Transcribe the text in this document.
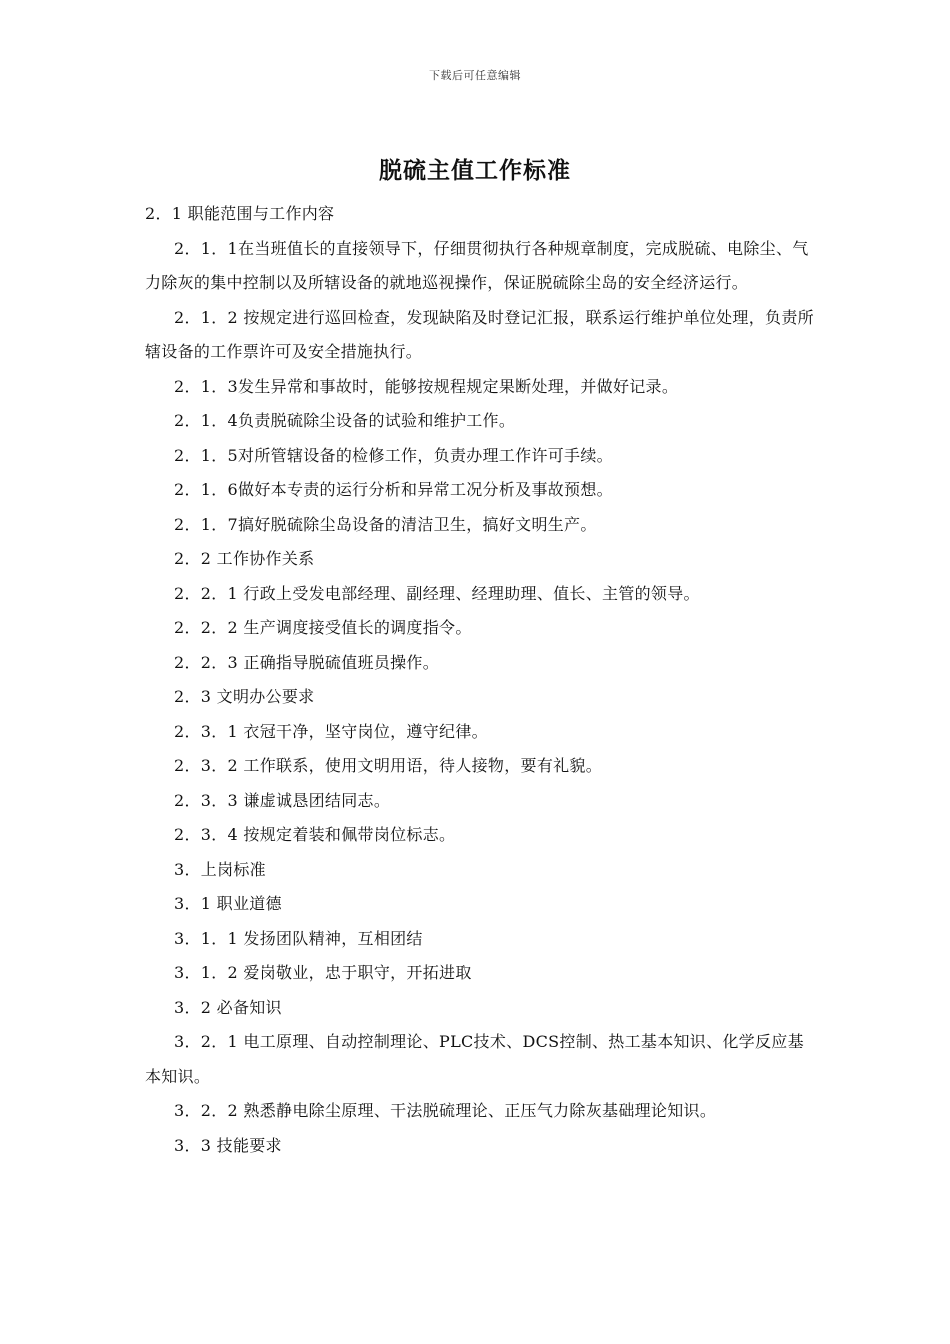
下载后可任意编辑
脱硫主值工作标准

2．1 职能范围与工作内容

2．1．1在当班值长的直接领导下，仔细贯彻执行各种规章制度，完成脱硫、电除尘、气力除灰的集中控制以及所辖设备的就地巡视操作，保证脱硫除尘岛的安全经济运行。

2．1．2 按规定进行巡回检查，发现缺陷及时登记汇报，联系运行维护单位处理，负责所辖设备的工作票许可及安全措施执行。

2．1．3发生异常和事故时，能够按规程规定果断处理，并做好记录。

2．1．4负责脱硫除尘设备的试验和维护工作。

2．1．5对所管辖设备的检修工作，负责办理工作许可手续。

2．1．6做好本专责的运行分析和异常工况分析及事故预想。

2．1．7搞好脱硫除尘岛设备的清洁卫生，搞好文明生产。

2．2 工作协作关系

2．2．1 行政上受发电部经理、副经理、经理助理、值长、主管的领导。

2．2．2 生产调度接受值长的调度指令。

2．2．3 正确指导脱硫值班员操作。

2．3 文明办公要求

2．3．1 衣冠干净，坚守岗位，遵守纪律。

2．3．2 工作联系，使用文明用语，待人接物，要有礼貌。

2．3．3 谦虚诚恳团结同志。

2．3．4 按规定着装和佩带岗位标志。

3．上岗标准

3．1 职业道德

3．1．1 发扬团队精神，互相团结

3．1．2 爱岗敬业，忠于职守，开拓进取

3．2 必备知识

3．2．1 电工原理、自动控制理论、PLC技术、DCS控制、热工基本知识、化学反应基本知识。

3．2．2 熟悉静电除尘原理、干法脱硫理论、正压气力除灰基础理论知识。

3．3 技能要求
